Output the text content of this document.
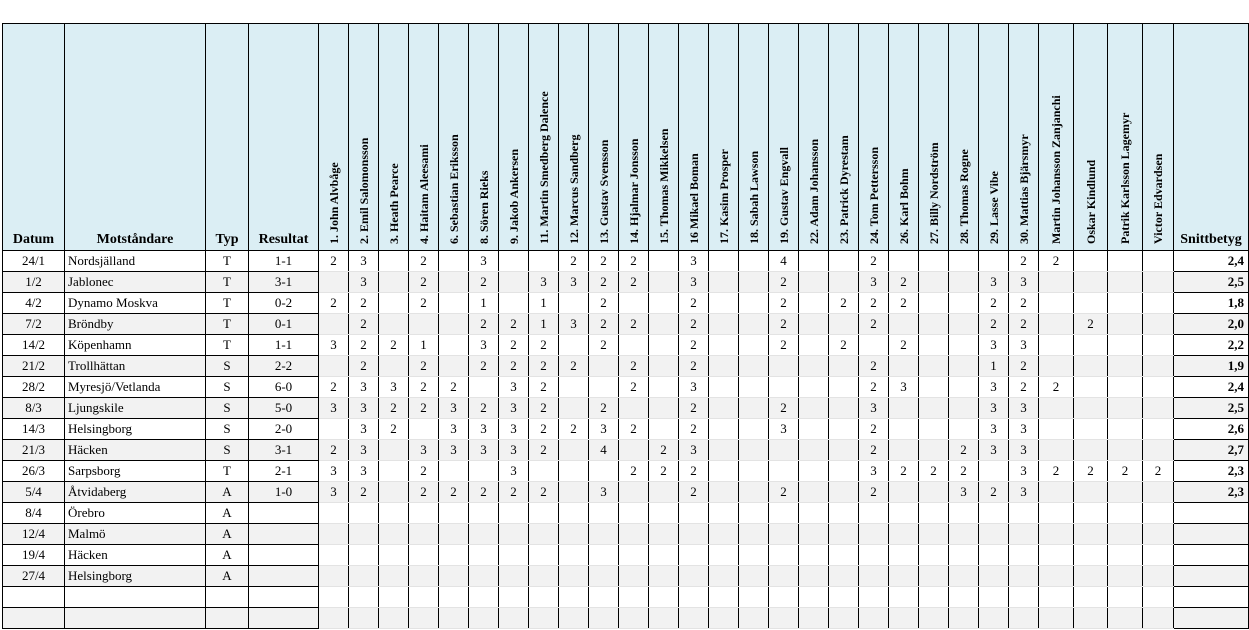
Datum	Motståndare	Typ	Resultat	1. John Alvbåge	2. Emil Salomonsson	3. Heath Pearce	4. Haitam Aleesami	6. Sebastian Eriksson	8. Sören Rieks	9. Jakob Ankersen	11. Martin Smedberg Dalence	12. Marcus Sandberg	13. Gustav Svensson	14. Hjalmar Jonsson	15. Thomas Mikkelsen	16 Mikael Boman	17. Kasim Prosper	18. Sabah Lawson	19. Gustav Engvall	22. Adam Johansson	23. Patrick Dyrestam	24. Tom Pettersson	26. Karl Bohm	27. Billy Nordström	28. Thomas Rogne	29. Lasse Vibe	30. Mattias Bjärsmyr	Martin Johansson Zanjanchi	Oskar Kindlund	Patrik Karlsson Lagemyr	Victor Edvardsen	Snittbetyg
24/1	Nordsjälland	T	1-1	2	3		2		3			2	2	2		3			4			2					2	2				2,4
1/2	Jablonec	T	3-1		3		2		2		3	3	2	2		3			2			3	2			3	3					2,5
4/2	Dynamo Moskva	T	0-2	2	2		2		1		1		2			2			2		2	2	2			2	2					1,8
7/2	Bröndby	T	0-1		2				2	2	1	3	2	2		2			2			2				2	2		2			2,0
14/2	Köpenhamn	T	1-1	3	2	2	1		3	2	2		2			2			2		2		2			3	3					2,2
21/2	Trollhättan	S	2-2		2		2		2	2	2	2		2		2						2				1	2					1,9
28/2	Myresjö/Vetlanda	S	6-0	2	3	3	2	2		3	2			2		3						2	3			3	2	2				2,4
8/3	Ljungskile	S	5-0	3	3	2	2	3	2	3	2		2			2			2			3				3	3					2,5
14/3	Helsingborg	S	2-0		3	2		3	3	3	2	2	3	2		2			3			2				3	3					2,6
21/3	Häcken	S	3-1	2	3		3	3	3	3	2		4		2	3						2			2	3	3					2,7
26/3	Sarpsborg	T	2-1	3	3		2			3				2	2	2						3	2	2	2		3	2	2	2	2	2,3
5/4	Åtvidaberg	A	1-0	3	2		2	2	2	2	2		3			2			2			2			3	2	3					2,3
8/4	Örebro	A																														
12/4	Malmö	A																														
19/4	Häcken	A																														
27/4	Helsingborg	A																														
